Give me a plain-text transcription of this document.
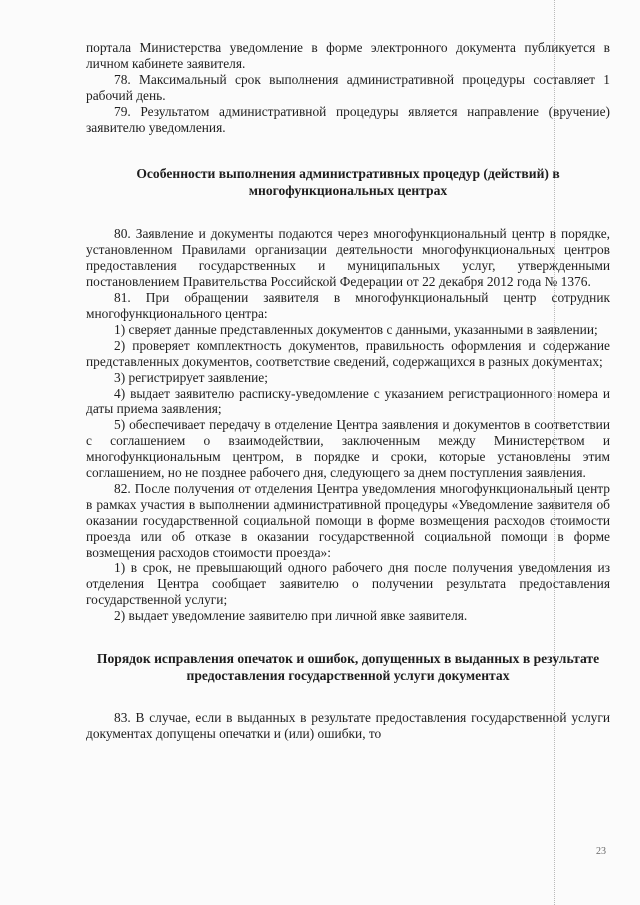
портала Министерства уведомление в форме электронного документа публикуется в личном кабинете заявителя.

78. Максимальный срок выполнения административной процедуры составляет 1 рабочий день.

79. Результатом административной процедуры является направление (вручение) заявителю уведомления.

Особенности выполнения административных процедур (действий) в многофункциональных центрах

80. Заявление и документы подаются через многофункциональный центр в порядке, установленном Правилами организации деятельности многофункциональных центров предоставления государственных и муниципальных услуг, утвержденными постановлением Правительства Российской Федерации от 22 декабря 2012 года № 1376.

81. При обращении заявителя в многофункциональный центр сотрудник многофункционального центра:

1) сверяет данные представленных документов с данными, указанными в заявлении;

2) проверяет комплектность документов, правильность оформления и содержание представленных документов, соответствие сведений, содержащихся в разных документах;

3) регистрирует заявление;

4) выдает заявителю расписку-уведомление с указанием регистрационного номера и даты приема заявления;

5) обеспечивает передачу в отделение Центра заявления и документов в соответствии с соглашением о взаимодействии, заключенным между Министерством и многофункциональным центром, в порядке и сроки, которые установлены этим соглашением, но не позднее рабочего дня, следующего за днем поступления заявления.

82. После получения от отделения Центра уведомления многофункциональный центр в рамках участия в выполнении административной процедуры «Уведомление заявителя об оказании государственной социальной помощи в форме возмещения расходов стоимости проезда или об отказе в оказании государственной социальной помощи в форме возмещения расходов стоимости проезда»:

1) в срок, не превышающий одного рабочего дня после получения уведомления из отделения Центра сообщает заявителю о получении результата предоставления государственной услуги;

2) выдает уведомление заявителю при личной явке заявителя.

Порядок исправления опечаток и ошибок, допущенных в выданных в результате предоставления государственной услуги документах

83. В случае, если в выданных в результате предоставления государственной услуги документах допущены опечатки и (или) ошибки, то

23
